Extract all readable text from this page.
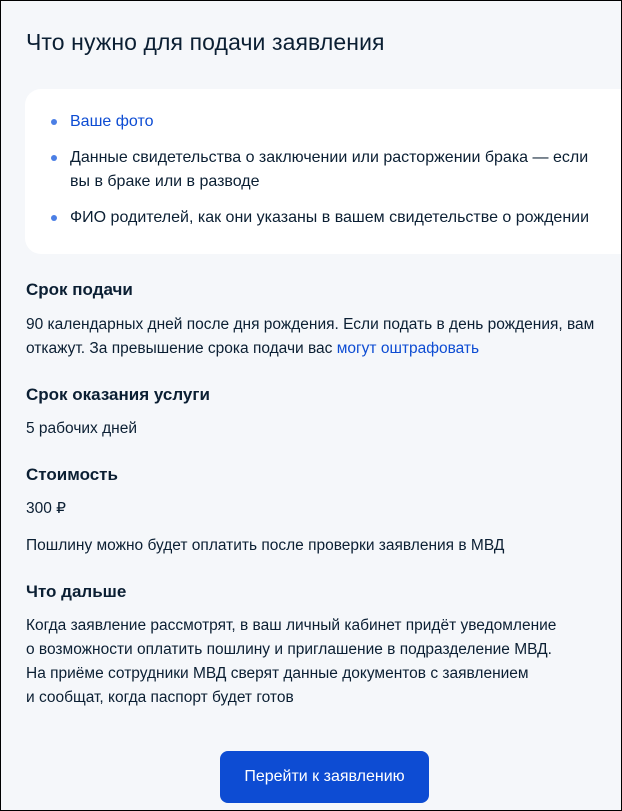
Что нужно для подачи заявления
Ваше фото
Данные свидетельства о заключении или расторжении брака — если вы в браке или в разводе
ФИО родителей, как они указаны в вашем свидетельстве о рождении
Срок подачи

90 календарных дней после дня рождения. Если подать в день рождения, вам откажут. За превышение срока подачи вас могут оштрафовать

Срок оказания услуги

5 рабочих дней

Стоимость

300 ₽

Пошлину можно будет оплатить после проверки заявления в МВД

Что дальше

Когда заявление рассмотрят, в ваш личный кабинет придёт уведомление
о возможности оплатить пошлину и приглашение в подразделение МВД.
На приёме сотрудники МВД сверят данные документов с заявлением
и сообщат, когда паспорт будет готов

Перейти к заявлению
